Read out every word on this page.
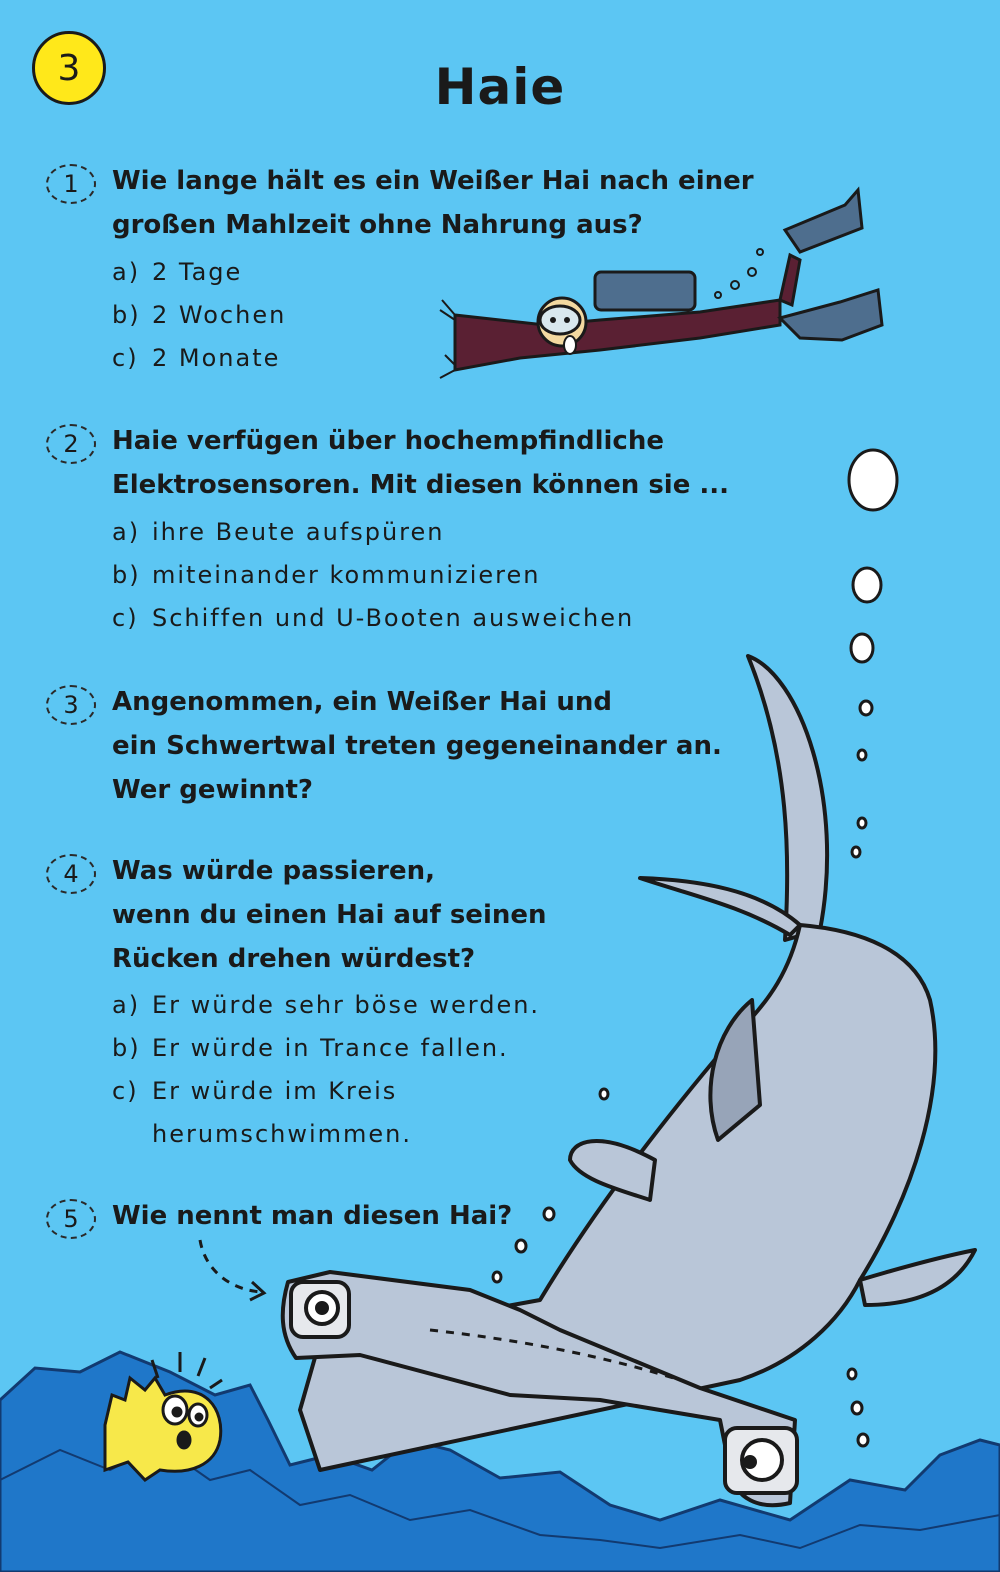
3	Haie
1	Wie lange hält es ein Weißer Hai nach einer
großen Mahlzeit ohne Nahrung aus?
a) 2 Tage
b) 2 Wochen
c) 2 Monate
2	Haie verfügen über hochempfindliche
Elektrosensoren. Mit diesen können sie ...
a) ihre Beute aufspüren
b) miteinander kommunizieren
c) Schiffen und U-Booten ausweichen
3	Angenommen, ein Weißer Hai und
ein Schwertwal treten gegeneinander an.
Wer gewinnt?
4	Was würde passieren,
wenn du einen Hai auf seinen
Rücken drehen würdest?
a) Er würde sehr böse werden.
b) Er würde in Trance fallen.
c) Er würde im Kreis
herumschwimmen.
5	Wie nennt man diesen Hai?
